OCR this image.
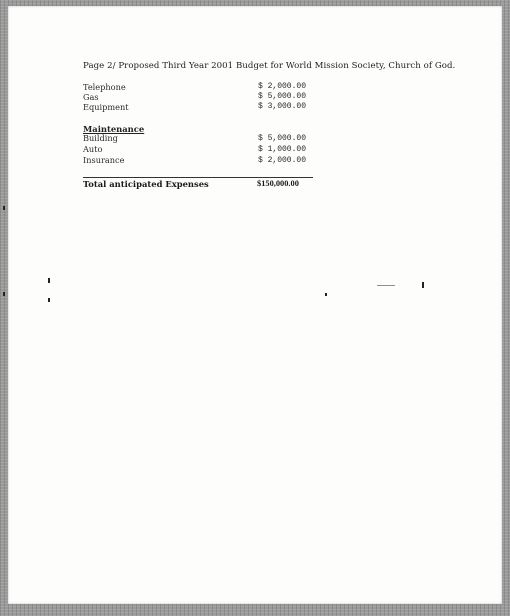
Page 2/ Proposed Third Year 2001 Budget for World Mission Society, Church of God.
Telephone	$ 2,000.00
Gas	$ 5,000.00
Equipment	$ 3,000.00
Maintenance
Building	$ 5,000.00
Auto	$ 1,000.00
Insurance	$ 2,000.00
Total anticipated Expenses	$150,000.00
